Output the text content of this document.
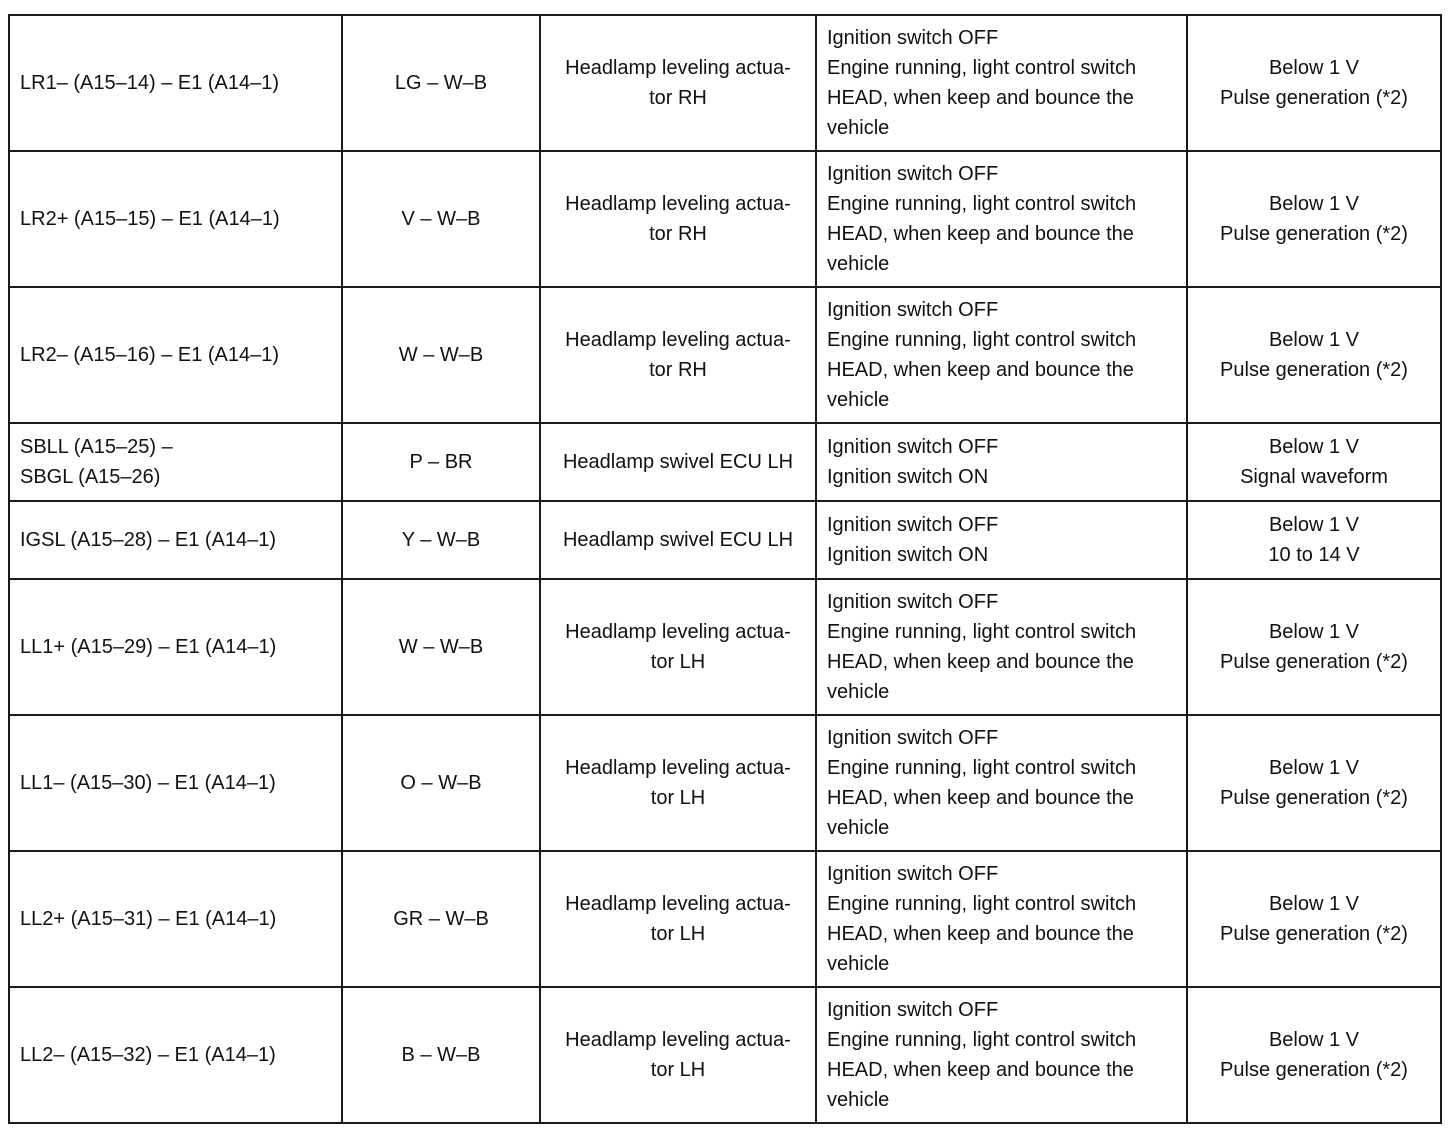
LR1– (A15–14) – E1 (A14–1)	LG – W–B	Headlamp leveling actua-
tor RH	Ignition switch OFF
Engine running, light control switch
HEAD, when keep and bounce the
vehicle	Below 1 V
Pulse generation (*2)

LR2+ (A15–15) – E1 (A14–1)	V – W–B	Headlamp leveling actua-
tor RH	Ignition switch OFF
Engine running, light control switch
HEAD, when keep and bounce the
vehicle	Below 1 V
Pulse generation (*2)

LR2– (A15–16) – E1 (A14–1)	W – W–B	Headlamp leveling actua-
tor RH	Ignition switch OFF
Engine running, light control switch
HEAD, when keep and bounce the
vehicle	Below 1 V
Pulse generation (*2)

SBLL (A15–25) –
SBGL (A15–26)	P – BR	Headlamp swivel ECU LH	Ignition switch OFF
Ignition switch ON	Below 1 V
Signal waveform

IGSL (A15–28) – E1 (A14–1)	Y – W–B	Headlamp swivel ECU LH	Ignition switch OFF
Ignition switch ON	Below 1 V
10 to 14 V

LL1+ (A15–29) – E1 (A14–1)	W – W–B	Headlamp leveling actua-
tor LH	Ignition switch OFF
Engine running, light control switch
HEAD, when keep and bounce the
vehicle	Below 1 V
Pulse generation (*2)

LL1– (A15–30) – E1 (A14–1)	O – W–B	Headlamp leveling actua-
tor LH	Ignition switch OFF
Engine running, light control switch
HEAD, when keep and bounce the
vehicle	Below 1 V
Pulse generation (*2)

LL2+ (A15–31) – E1 (A14–1)	GR – W–B	Headlamp leveling actua-
tor LH	Ignition switch OFF
Engine running, light control switch
HEAD, when keep and bounce the
vehicle	Below 1 V
Pulse generation (*2)

LL2– (A15–32) – E1 (A14–1)	B – W–B	Headlamp leveling actua-
tor LH	Ignition switch OFF
Engine running, light control switch
HEAD, when keep and bounce the
vehicle	Below 1 V
Pulse generation (*2)
